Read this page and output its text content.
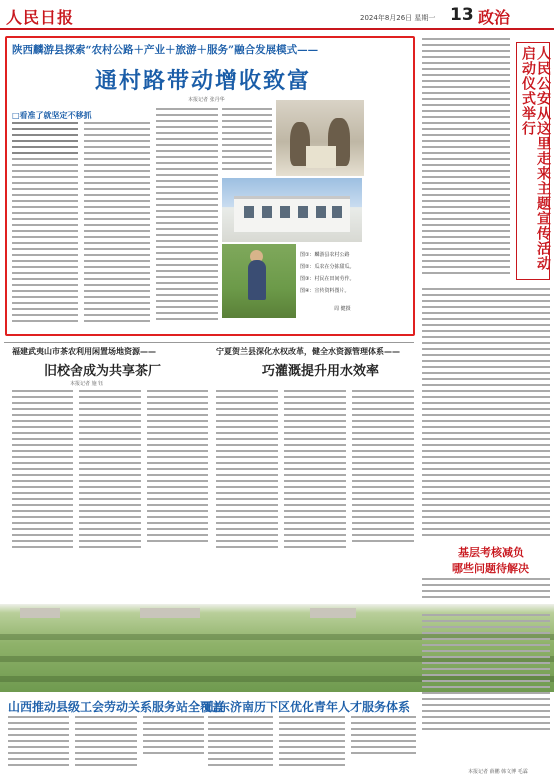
人民日报	2024年8月26日 星期一 13 政治
陕西麟游县探索“农村公路＋产业＋旅游＋服务”融合发展模式——
通村路带动增收致富
本报记者 张丹华
□看准了就坚定不移抓
图①：麟游县农村公路
图②：瓜农在分拣甜瓜。
图③：村民在田间劳作。
图④：宣传资料图片。
周 健摄
人民公安从这里走来主题宣传活动启动仪式举行
福建武夷山市茶农利用闲置场地资源——
旧校舍成为共享茶厂
本报记者 施 钰
宁夏贺兰县深化水权改革，健全水资源管理体系——
巧灌溉提升用水效率
基层考核减负
哪些问题待解决
山西推动县级工会劳动关系服务站全覆盖
山东济南历下区优化青年人才服务体系
本报记者 薛鹏 韩文博 毛霖
